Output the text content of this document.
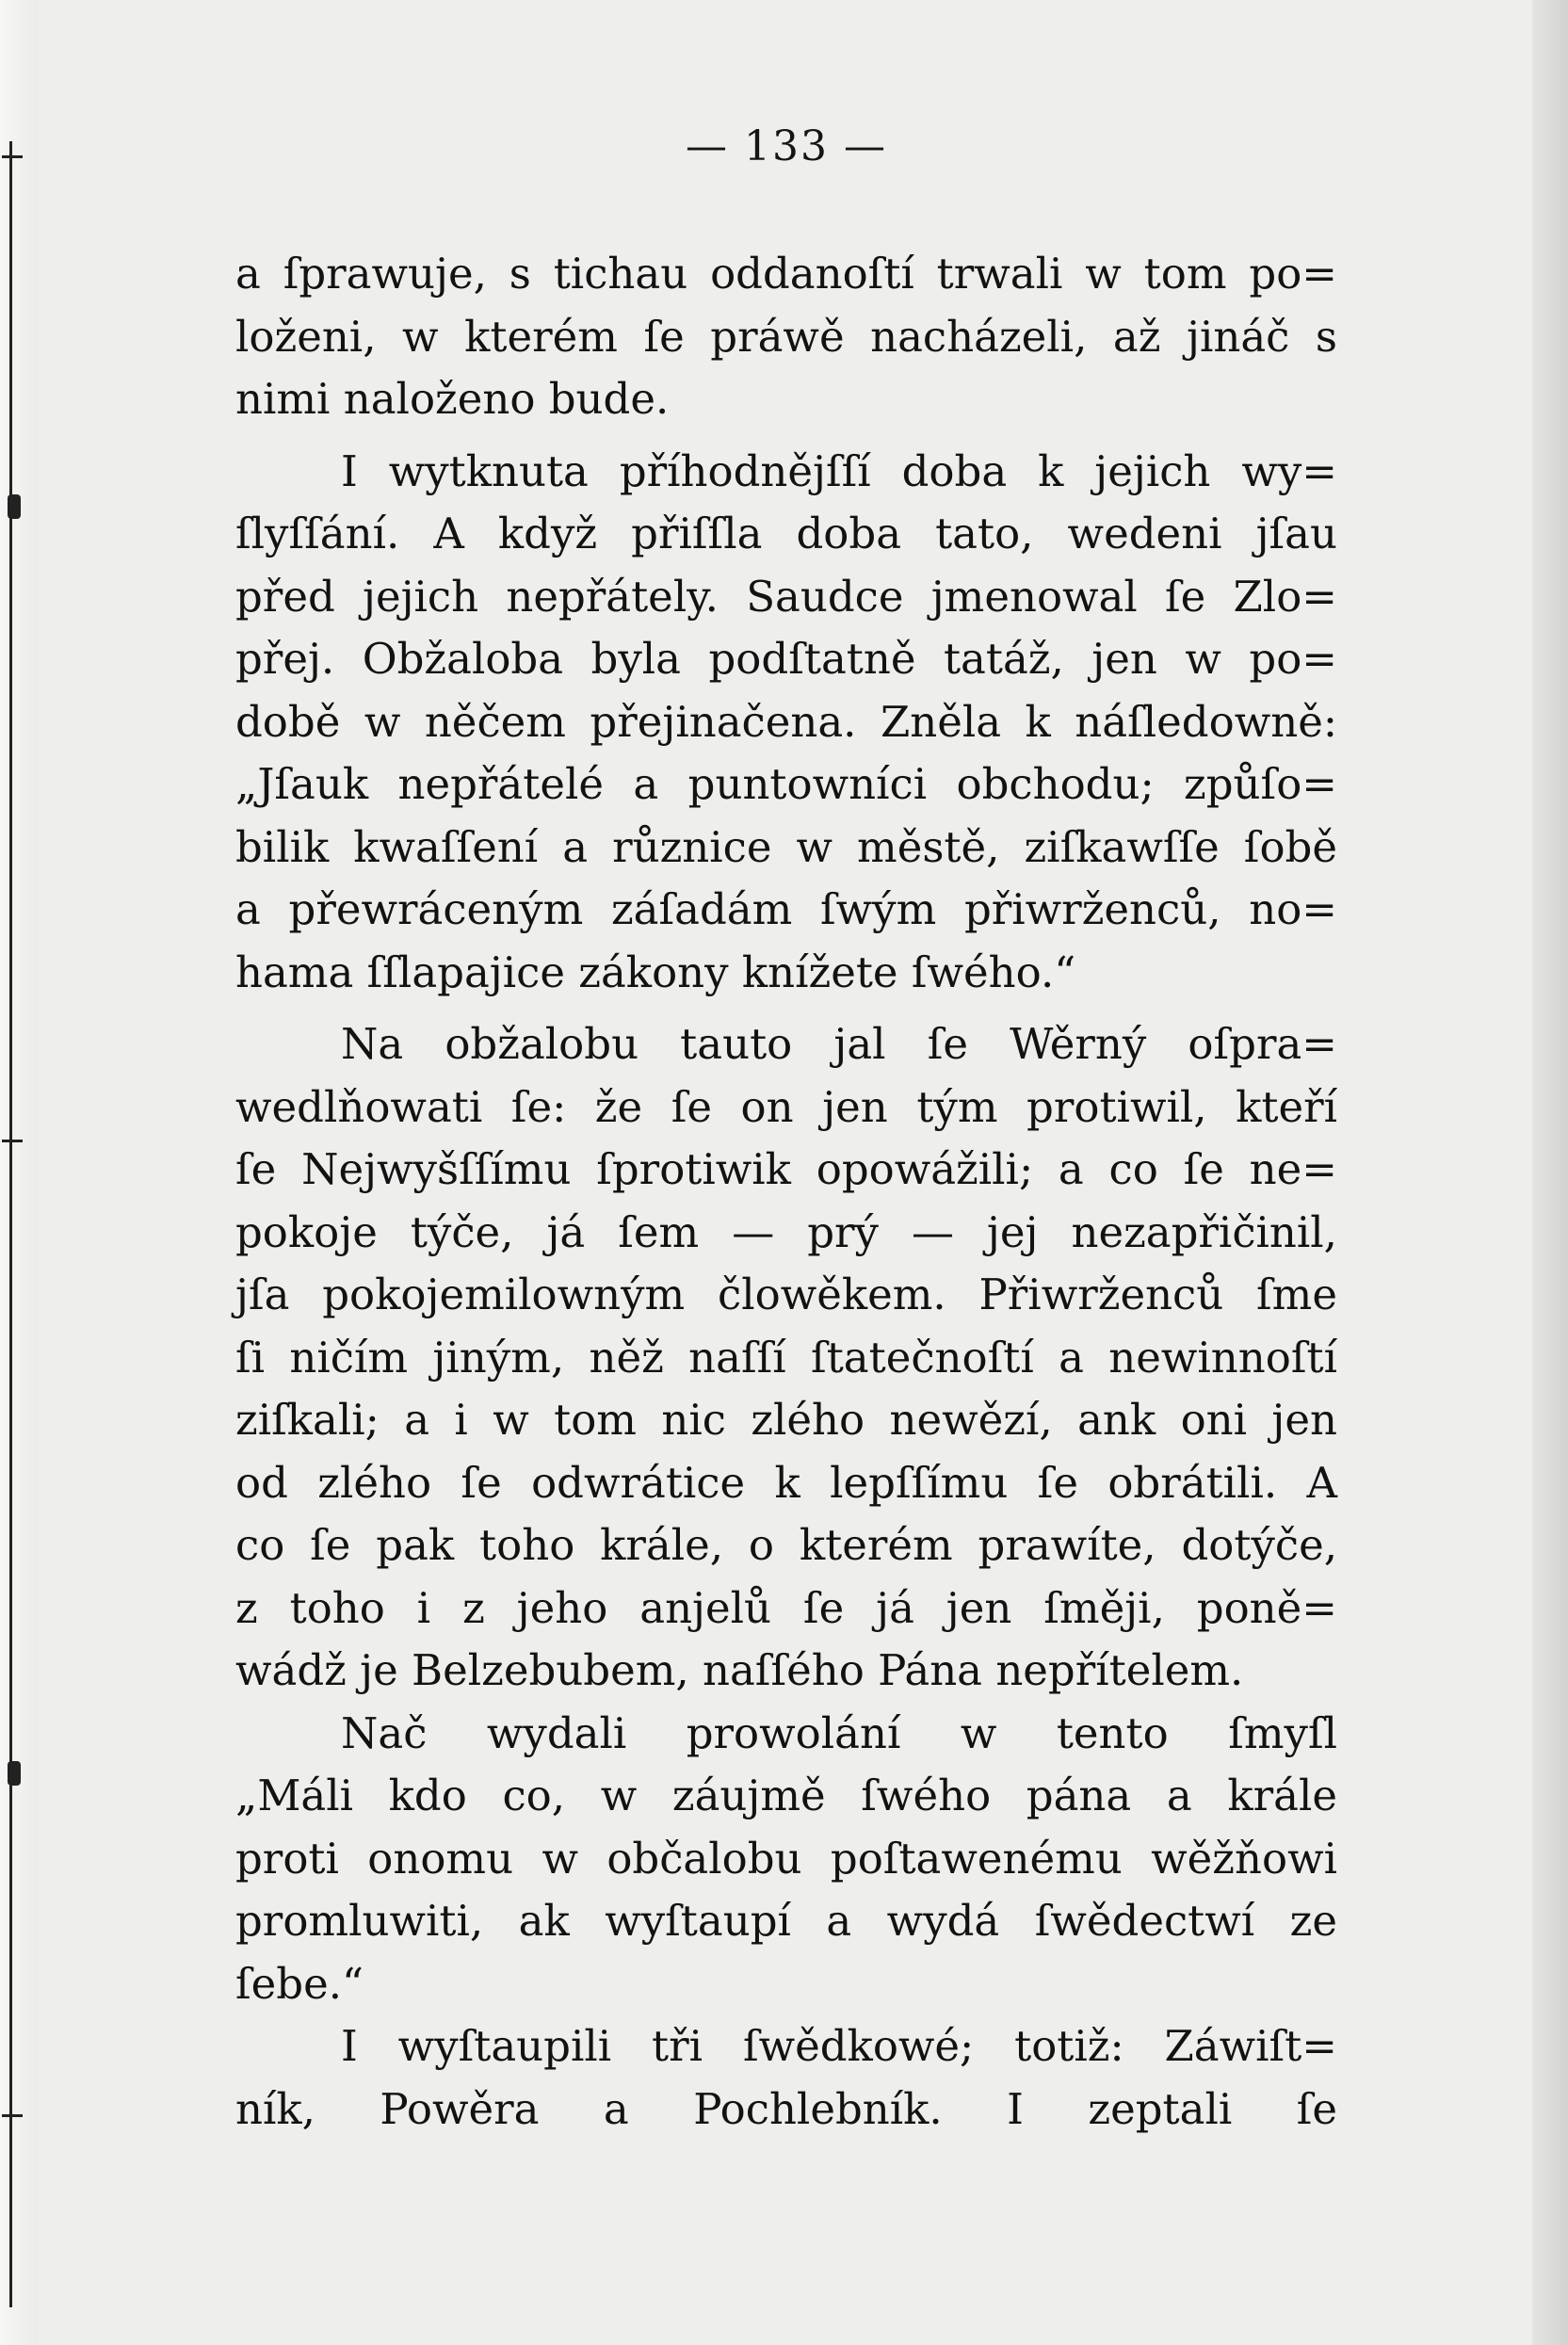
— 133 —

a ſprawuje, s tichau oddanoſtí trwali w tom po=
loženi, w kterém ſe práwě nacházeli, až jináč s
nimi naloženo bude.

I wytknuta příhodnějſſí doba k jejich wy=
ſlyſſání. A když přiſſla doba tato, wedeni jſau
před jejich nepřátely. Saudce jmenowal ſe Zlo=
přej. Obžaloba byla podſtatně tatáž, jen w po=
době w něčem přejinačena. Zněla k náſledowně:
„Jſauk nepřátelé a puntowníci obchodu; způſo=
bilik kwaſſení a různice w městě, ziſkawſſe ſobě
a přewráceným záſadám ſwým přiwrženců, no=
hama ſſlapajice zákony knížete ſwého.“

Na obžalobu tauto jal ſe Wěrný oſpra=
wedlňowati ſe: že ſe on jen tým protiwil, kteří
ſe Nejwyšſſímu ſprotiwik opowážili; a co ſe ne=
pokoje týče, já ſem — prý — jej nezapřičinil,
jſa pokojemilowným člowěkem. Přiwrženců ſme
ſi ničím jiným, něž naſſí ſtatečnoſtí a newinnoſtí
ziſkali; a i w tom nic zlého newězí, ank oni jen
od zlého ſe odwrátice k lepſſímu ſe obrátili. A
co ſe pak toho krále, o kterém prawíte, dotýče,
z toho i z jeho anjelů ſe já jen ſměji, poně=
wádž je Belzebubem, naſſého Pána nepřítelem.

Nač wydali prowolání w tento ſmyſl
„Máli kdo co, w záujmě ſwého pána a krále
proti onomu w občalobu poſtawenému wěžňowi
promluwiti, ak wyſtaupí a wydá ſwědectwí ze
ſebe.“

I wyſtaupili tři ſwědkowé; totiž: Záwiſt=
ník, Powěra a Pochlebník. I zeptali ſe
